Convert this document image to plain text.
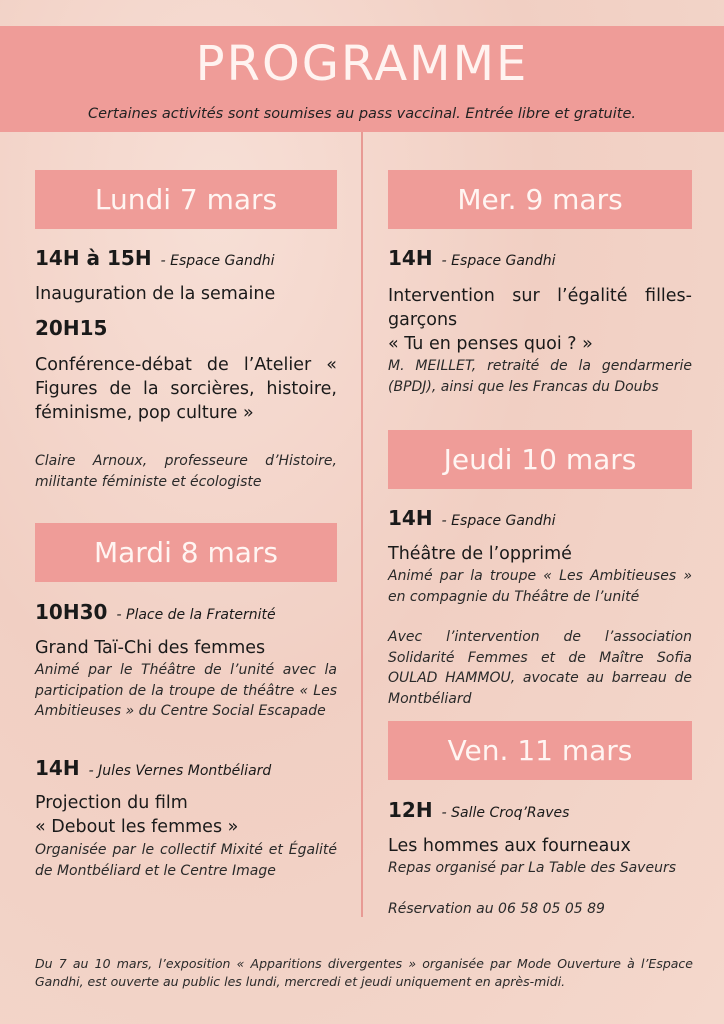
PROGRAMME
Certaines activités sont soumises au pass vaccinal. Entrée libre et gratuite.
Lundi 7 mars
14H à 15H - Espace Gandhi
Inauguration de la semaine
20H15
Conférence-débat de l’Atelier « Figures de la sorcières, histoire, féminisme, pop culture »
Claire Arnoux, professeure d’Histoire, militante féministe et écologiste
Mardi 8 mars
10H30 - Place de la Fraternité
Grand Taï-Chi des femmes
Animé par le Théâtre de l’unité avec la participation de la troupe de théâtre « Les Ambitieuses » du Centre Social Escapade
14H - Jules Vernes Montbéliard
Projection du film
« Debout les femmes »
Organisée par le collectif Mixité et Égalité de Montbéliard et le Centre Image
Mer. 9 mars
14H - Espace Gandhi
Intervention sur l’égalité filles-garçons
« Tu en penses quoi ? »
M. MEILLET, retraité de la gendarmerie (BPDJ), ainsi que les Francas du Doubs
Jeudi 10 mars
14H - Espace Gandhi
Théâtre de l’opprimé
Animé par la troupe « Les Ambitieuses » en compagnie du Théâtre de l’unité
Avec l’intervention de l’association Solidarité Femmes et de Maître Sofia OULAD HAMMOU, avocate au barreau de Montbéliard
Ven. 11 mars
12H - Salle Croq’Raves
Les hommes aux fourneaux
Repas organisé par La Table des Saveurs
Réservation au 06 58 05 05 89
Du 7 au 10 mars, l’exposition « Apparitions divergentes » organisée par Mode Ouverture à l’Espace Gandhi, est ouverte au public les lundi, mercredi et jeudi uniquement en après-midi.
